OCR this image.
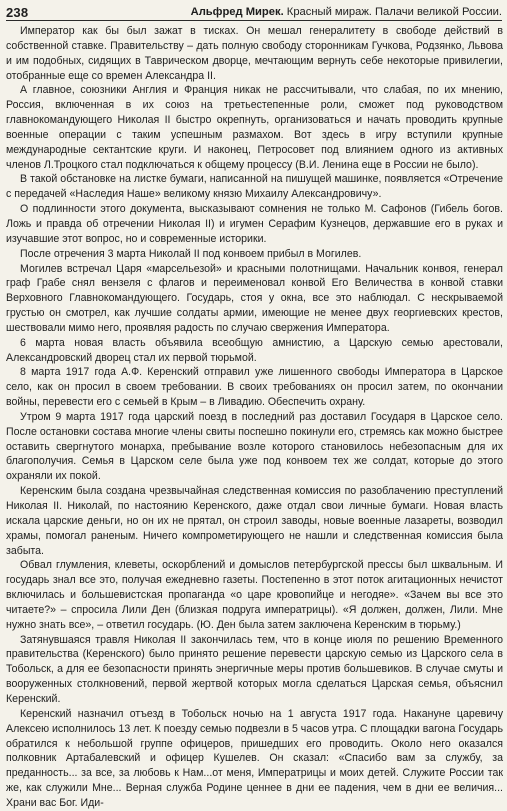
238	Альфред Мирек. Красный мираж. Палачи великой России.

Император как бы был зажат в тисках. Он мешал генералитету в свободе действий в собственной ставке. Правительству – дать полную свободу сторонникам Гучкова, Родзянко, Львова и им подобных, сидящих в Таврическом дворце, мечтающим вернуть себе некоторые привилегии, отобранные еще со времен Александра II.

А главное, союзники Англия и Франция никак не рассчитывали, что слабая, по их мнению, Россия, включенная в их союз на третьестепенные роли, сможет под руководством главнокомандующего Николая II быстро окрепнуть, организоваться и начать проводить крупные военные операции с таким успешным размахом. Вот здесь в игру вступили крупные международные сектантские круги. И наконец, Петросовет под влиянием одного из активных членов Л.Троцкого стал подключаться к общему процессу (В.И. Ленина еще в России не было).

В такой обстановке на листке бумаги, написанной на пишущей машинке, появляется «Отречение с передачей «Наследия Наше» великому князю Михаилу Александровичу».

О подлинности этого документа, высказывают сомнения не только М. Сафонов (Гибель богов. Ложь и правда об отречении Николая II) и игумен Серафим Кузнецов, державшие его в руках и изучавшие этот вопрос, но и современные историки.

После отречения 3 марта Николай II под конвоем прибыл в Могилев.

Могилев встречал Царя «марсельезой» и красными полотнищами. Начальник конвоя, генерал граф Грабе снял вензеля с флагов и переименовал конвой Его Величества в конвой ставки Верховного Главнокомандующего. Государь, стоя у окна, все это наблюдал. С нескрываемой грустью он смотрел, как лучшие солдаты армии, имеющие не менее двух георгиевских крестов, шествовали мимо него, проявляя радость по случаю свержения Императора.

6 марта новая власть объявила всеобщую амнистию, а Царскую семью арестовали, Александровский дворец стал их первой тюрьмой.

8 марта 1917 года А.Ф. Керенский отправил уже лишенного свободы Императора в Царское село, как он просил в своем требовании. В своих требованиях он просил затем, по окончании войны, перевести его с семьей в Крым – в Ливадию. Обеспечить охрану.

Утром 9 марта 1917 года царский поезд в последний раз доставил Государя в Царское село. После остановки состава многие члены свиты поспешно покинули его, стремясь как можно быстрее оставить свергнутого монарха, пребывание возле которого становилось небезопасным для их благополучия. Семья в Царском селе была уже под конвоем тех же солдат, которые до этого охраняли их покой.

Керенским была создана чрезвычайная следственная комиссия по разоблачению преступлений Николая II. Николай, по настоянию Керенского, даже отдал свои личные бумаги. Новая власть искала царские деньги, но он их не прятал, он строил заводы, новые военные лазареты, возводил храмы, помогал раненым. Ничего компрометирующего не нашли и следственная комиссия была забыта.

Обвал глумления, клеветы, оскорблений и домыслов петербургской прессы был шквальным. И государь знал все это, получая ежедневно газеты. Постепенно в этот поток агитационных нечистот включилась и большевистская пропаганда «о царе кровопийце и негодяе». «Зачем вы все это читаете?» – спросила Лили Ден (близкая подруга императрицы). «Я должен, должен, Лили. Мне нужно знать все», – ответил государь. (Ю. Ден была затем заключена Керенским в тюрьму.)

Затянувшаяся травля Николая II закончилась тем, что в конце июля по решению Временного правительства (Керенского) было принято решение перевести царскую семью из Царского села в Тобольск, а для ее безопасности принять энергичные меры против большевиков. В случае смуты и вооруженных столкновений, первой жертвой которых могла сделаться Царская семья, объяснил Керенский.

Керенский назначил отъезд в Тобольск ночью на 1 августа 1917 года. Накануне царевичу Алексею исполнилось 13 лет. К поезду семью подвезли в 5 часов утра. С площадки вагона Государь обратился к небольшой группе офицеров, пришедших его проводить. Около него оказался полковник Артабалевский и офицер Кушелев. Он сказал: «Спасибо вам за службу, за преданность... за все, за любовь к Нам...от меня, Императрицы и моих детей. Служите России так же, как служили Мне... Верная служба Родине ценнее в дни ее падения, чем в дни ее величия... Храни вас Бог. Иди-
